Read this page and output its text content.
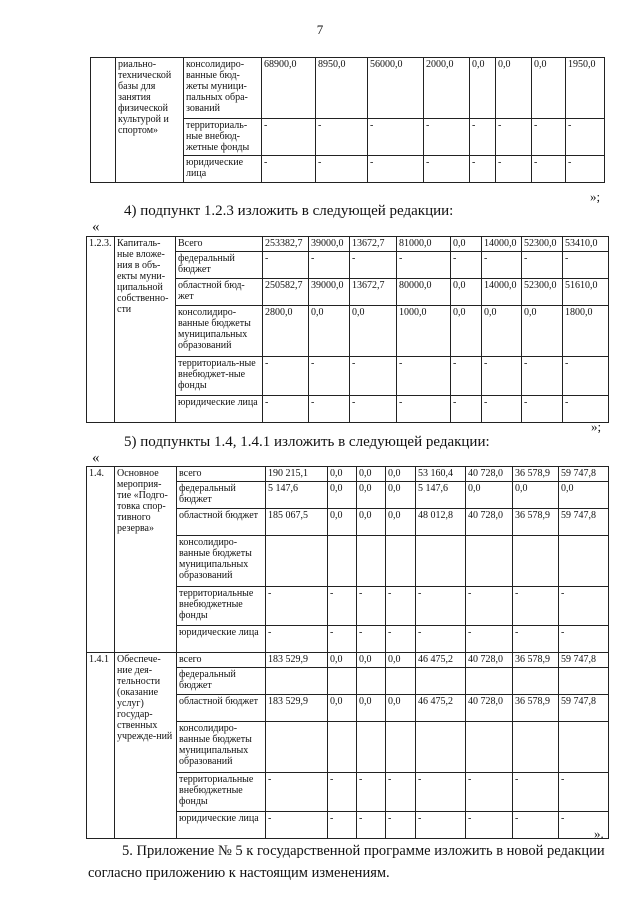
7
	риально-технической базы для занятия физической культурой и спортом»	консолидиро-ванные бюд-жеты муници-пальных обра-зований	68900,0	8950,0	56000,0	2000,0	0,0	0,0	0,0	1950,0
		территориаль-ные внебюд-жетные фонды	-	-	-	-	-	-	-	-
		юридические лица	-	-	-	-	-	-	-	-
»;
4) подпункт 1.2.3 изложить в следующей редакции:
«
1.2.3.	Капиталь-ные вложе-ния в объ-екты муни-ципальной собственно-сти	Всего	253382,7	39000,0	13672,7	81000,0	0,0	14000,0	52300,0	53410,0
		федеральный бюджет	-	-	-	-	-	-	-	-
		областной бюд-жет	250582,7	39000,0	13672,7	80000,0	0,0	14000,0	52300,0	51610,0
		консолидиро-ванные бюджеты муниципальных образований	2800,0	0,0	0,0	1000,0	0,0	0,0	0,0	1800,0
		территориаль-ные внебюджет-ные фонды	-	-	-	-	-	-	-	-
		юридические лица	-	-	-	-	-	-	-	-
»;
5) подпункты 1.4, 1.4.1 изложить в следующей редакции:
«
1.4.	Основное мероприя-тие «Подго-товка спор-тивного резерва»	всего	190 215,1	0,0	0,0	0,0	53 160,4	40 728,0	36 578,9	59 747,8
		федеральный бюджет	5 147,6	0,0	0,0	0,0	5 147,6	0,0	0,0	0,0
		областной бюджет	185 067,5	0,0	0,0	0,0	48 012,8	40 728,0	36 578,9	59 747,8
		консолидиро-ванные бюджеты муниципальных образований								
		территориальные внебюджетные фонды	-	-	-	-	-	-	-	-
		юридические лица	-	-	-	-	-	-	-	-
1.4.1	Обеспече-ние дея-тельности (оказание услуг) государ-ственных учрежде-ний	всего	183 529,9	0,0	0,0	0,0	46 475,2	40 728,0	36 578,9	59 747,8
		федеральный бюджет								
		областной бюджет	183 529,9	0,0	0,0	0,0	46 475,2	40 728,0	36 578,9	59 747,8
		консолидиро-ванные бюджеты муниципальных образований								
		территориальные внебюджетные фонды	-	-	-	-	-	-	-	-
		юридические лица	-	-	-	-	-	-	-	-
».
5. Приложение № 5 к государственной программе изложить в новой редакции согласно приложению к настоящим изменениям.
